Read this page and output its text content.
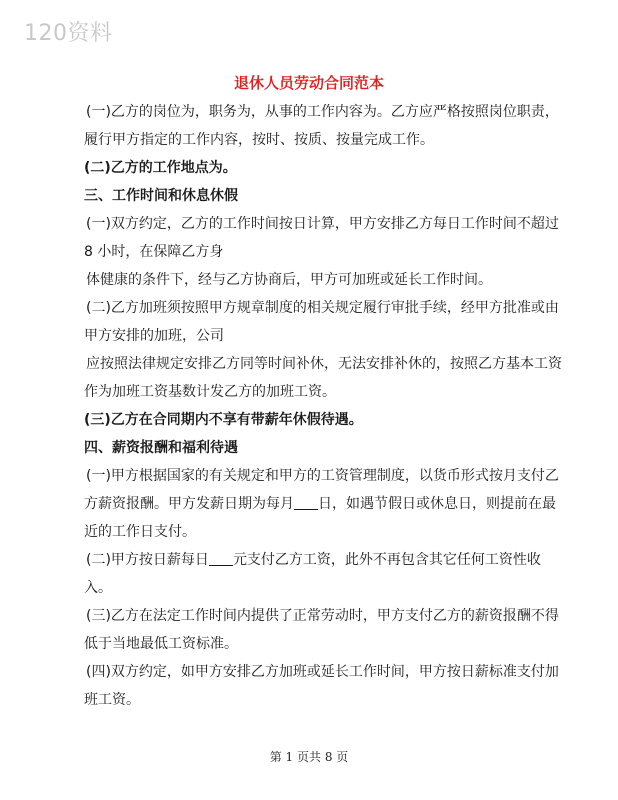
120资料
退休人员劳动合同范本

(一)乙方的岗位为，职务为，从事的工作内容为。乙方应严格按照岗位职责，履行甲方指定的工作内容，按时、按质、按量完成工作。

(二)乙方的工作地点为。

三、工作时间和休息休假

(一)双方约定，乙方的工作时间按日计算，甲方安排乙方每日工作时间不超过 8 小时，在保障乙方身

体健康的条件下，经与乙方协商后，甲方可加班或延长工作时间。

(二)乙方加班须按照甲方规章制度的相关规定履行审批手续，经甲方批准或由甲方安排的加班，公司

应按照法律规定安排乙方同等时间补休，无法安排补休的，按照乙方基本工资作为加班工资基数计发乙方的加班工资。

(三)乙方在合同期内不享有带薪年休假待遇。

四、薪资报酬和福利待遇

(一)甲方根据国家的有关规定和甲方的工资管理制度，以货币形式按月支付乙方薪资报酬。甲方发薪日期为每月 日，如遇节假日或休息日，则提前在最近的工作日支付。

(二)甲方按日薪每日 元支付乙方工资，此外不再包含其它任何工资性收入。

(三)乙方在法定工作时间内提供了正常劳动时，甲方支付乙方的薪资报酬不得低于当地最低工资标准。

(四)双方约定，如甲方安排乙方加班或延长工作时间，甲方按日薪标准支付加班工资。

第 1 页共 8 页
